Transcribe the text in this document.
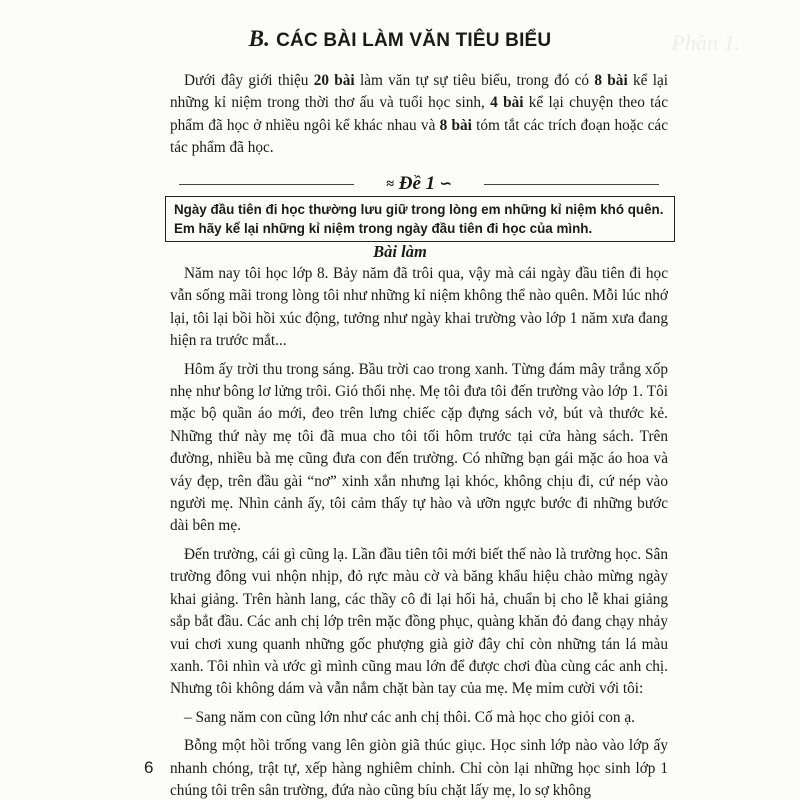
Phần 1.
B. CÁC BÀI LÀM VĂN TIÊU BIỂU

Dưới đây giới thiệu 20 bài làm văn tự sự tiêu biểu, trong đó có 8 bài kể lại những kỉ niệm trong thời thơ ấu và tuổi học sinh, 4 bài kể lại chuyện theo tác phẩm đã học ở nhiều ngôi kể khác nhau và 8 bài tóm tắt các trích đoạn hoặc các tác phẩm đã học.

≈ Đề 1 ∽
Ngày đầu tiên đi học thường lưu giữ trong lòng em những kỉ niệm khó quên. Em hãy kể lại những kỉ niệm trong ngày đầu tiên đi học của mình.
Bài làm

Năm nay tôi học lớp 8. Bảy năm đã trôi qua, vậy mà cái ngày đầu tiên đi học vẫn sống mãi trong lòng tôi như những kỉ niệm không thể nào quên. Mỗi lúc nhớ lại, tôi lại bồi hồi xúc động, tưởng như ngày khai trường vào lớp 1 năm xưa đang hiện ra trước mắt...

Hôm ấy trời thu trong sáng. Bầu trời cao trong xanh. Từng đám mây trắng xốp nhẹ như bông lơ lửng trôi. Gió thổi nhẹ. Mẹ tôi đưa tôi đến trường vào lớp 1. Tôi mặc bộ quần áo mới, đeo trên lưng chiếc cặp đựng sách vở, bút và thước kẻ. Những thứ này mẹ tôi đã mua cho tôi tối hôm trước tại cửa hàng sách. Trên đường, nhiều bà mẹ cũng đưa con đến trường. Có những bạn gái mặc áo hoa và váy đẹp, trên đầu gài “nơ” xinh xắn nhưng lại khóc, không chịu đi, cứ nép vào người mẹ. Nhìn cảnh ấy, tôi cảm thấy tự hào và ưỡn ngực bước đi những bước dài bên mẹ.

Đến trường, cái gì cũng lạ. Lần đầu tiên tôi mới biết thế nào là trường học. Sân trường đông vui nhộn nhịp, đỏ rực màu cờ và băng khẩu hiệu chào mừng ngày khai giảng. Trên hành lang, các thầy cô đi lại hối hả, chuẩn bị cho lễ khai giảng sắp bắt đầu. Các anh chị lớp trên mặc đồng phục, quàng khăn đỏ đang chạy nhảy vui chơi xung quanh những gốc phượng già giờ đây chỉ còn những tán lá màu xanh. Tôi nhìn và ước gì mình cũng mau lớn để được chơi đùa cùng các anh chị. Nhưng tôi không dám và vẫn nắm chặt bàn tay của mẹ. Mẹ mỉm cười với tôi:

– Sang năm con cũng lớn như các anh chị thôi. Cố mà học cho giỏi con ạ.

Bỗng một hồi trống vang lên giòn giã thúc giục. Học sinh lớp nào vào lớp ấy nhanh chóng, trật tự, xếp hàng nghiêm chỉnh. Chỉ còn lại những học sinh lớp 1 chúng tôi trên sân trường, đứa nào cũng bíu chặt lấy mẹ, lo sợ không

6
